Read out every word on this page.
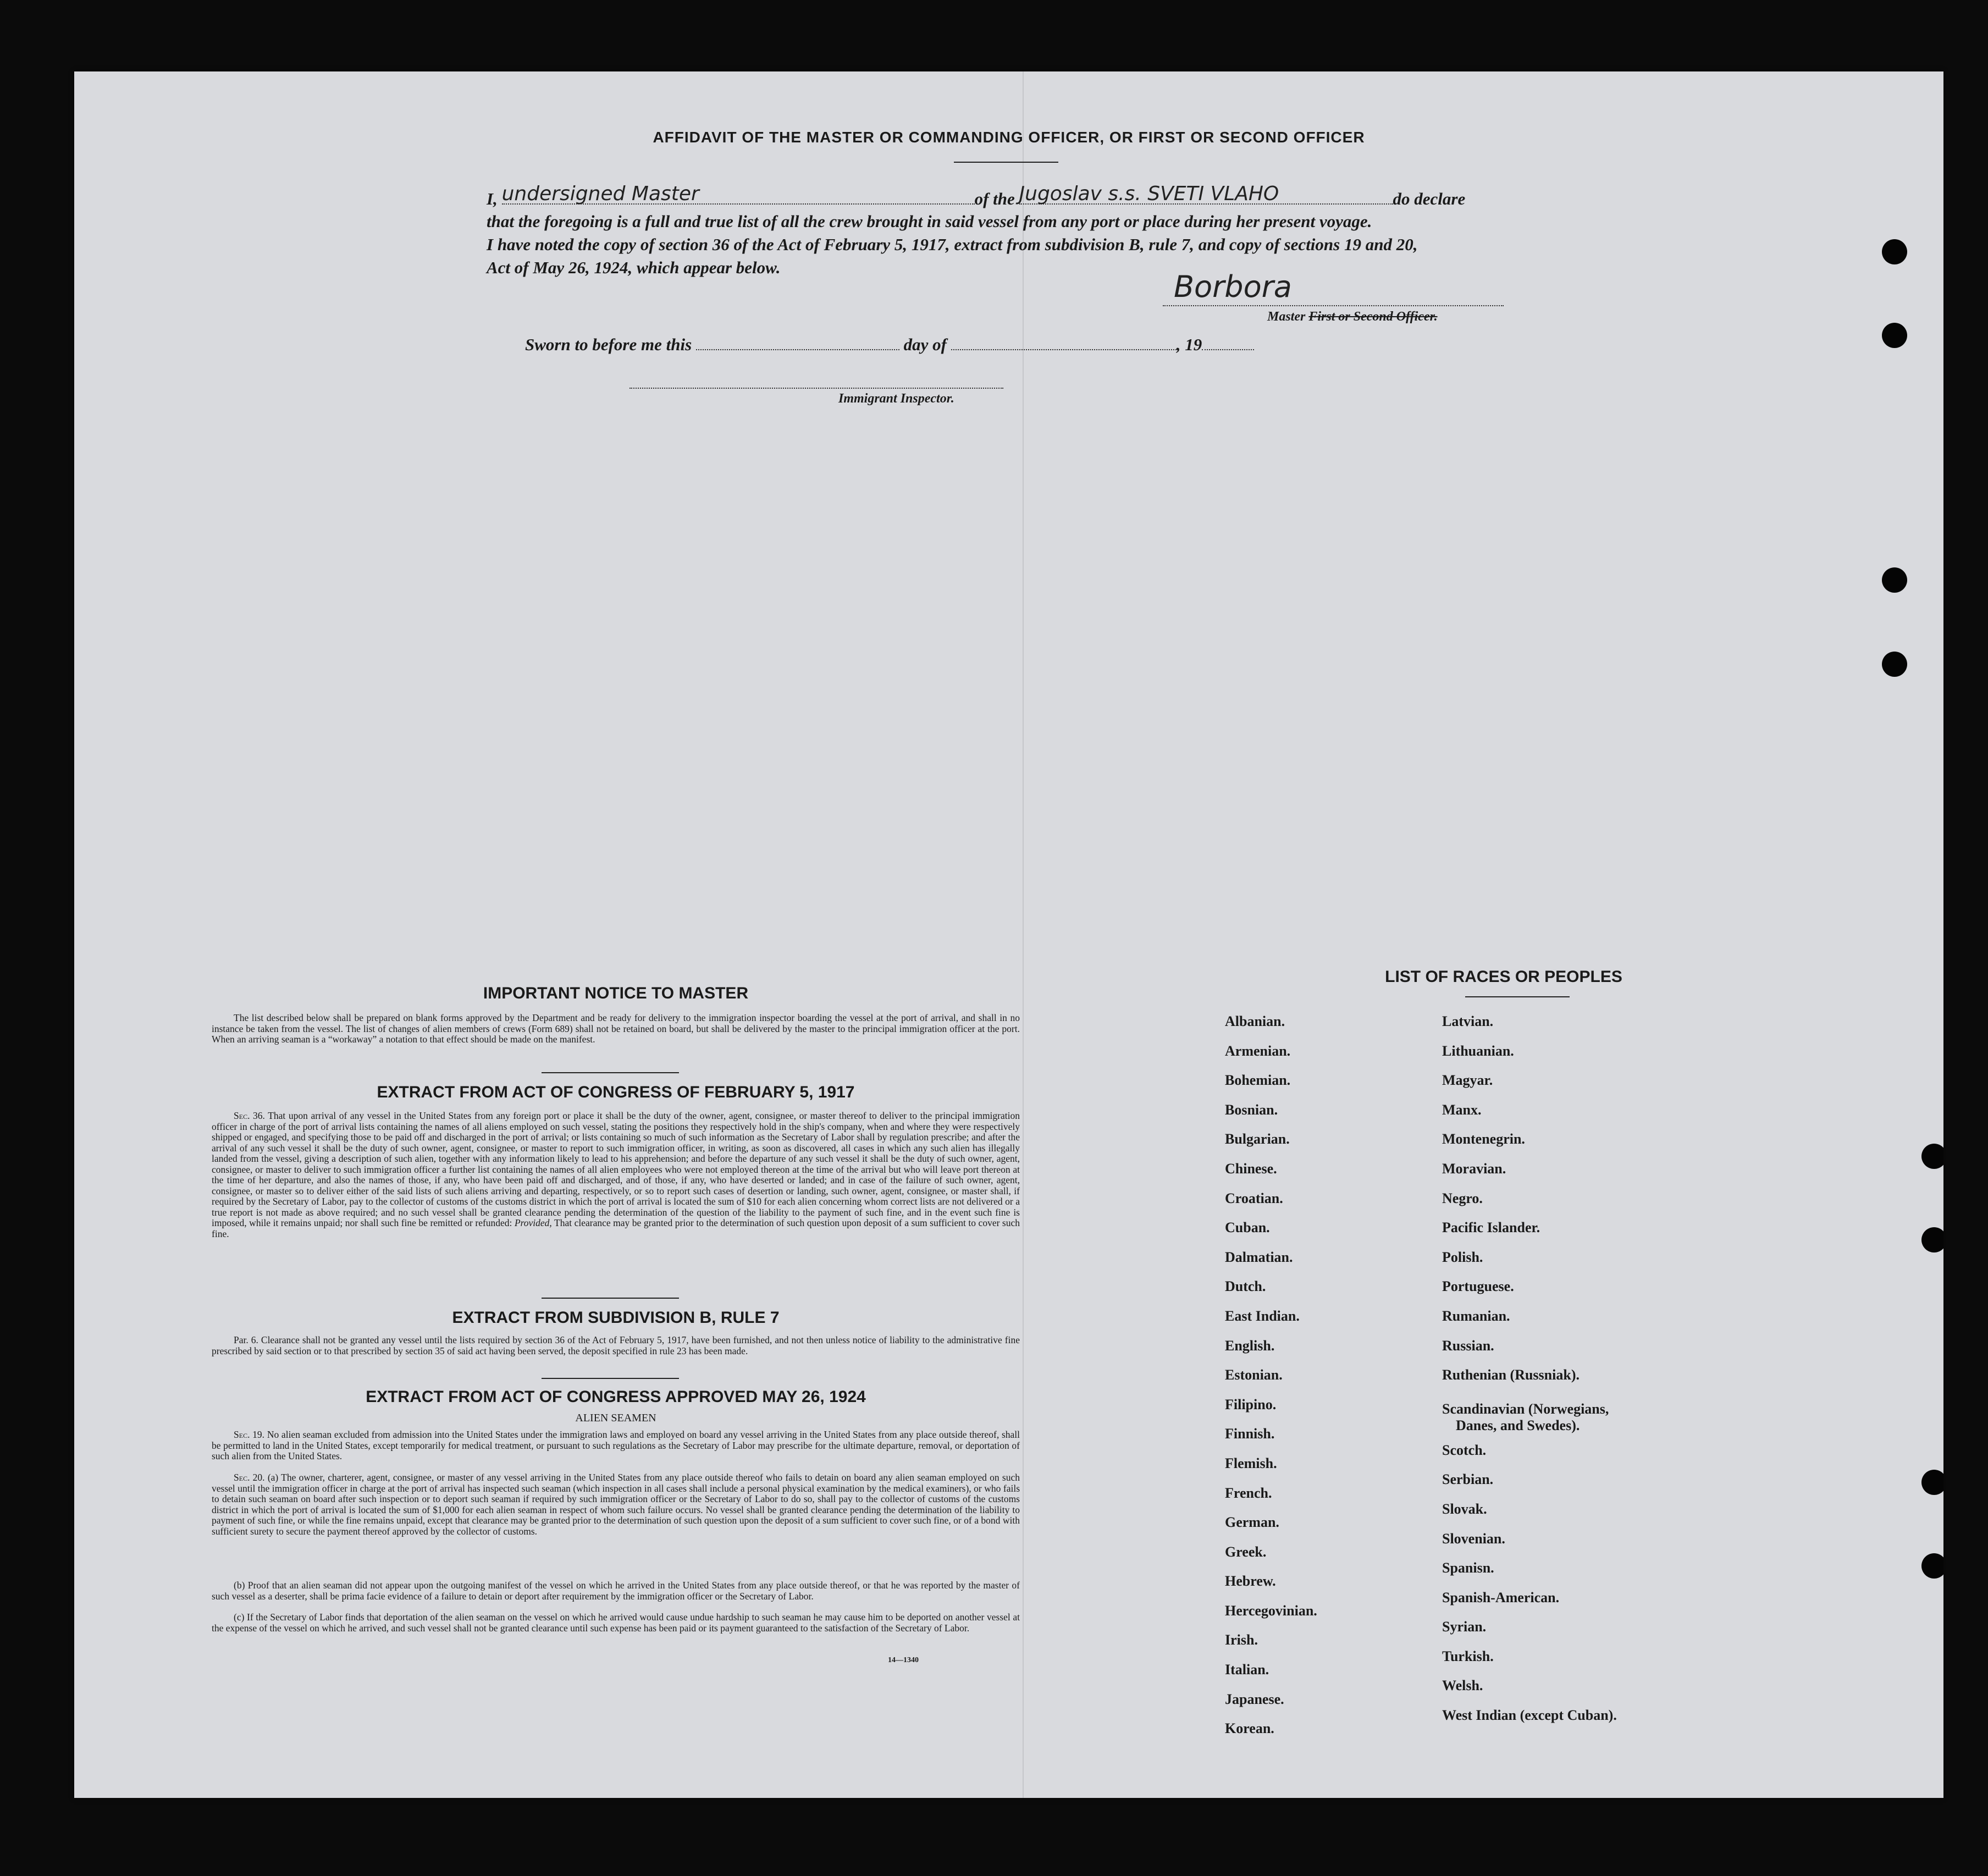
AFFIDAVIT OF THE MASTER OR COMMANDING OFFICER, OR FIRST OR SECOND OFFICER
I, undersigned Master	of the Jugoslav s.s. SVETI VLAHO	do declare
that the foregoing is a full and true list of all the crew brought in said vessel from any port or place during her present voyage.
I have noted the copy of section 36 of the Act of February 5, 1917, extract from subdivision B, rule 7, and copy of sections 19 and 20,
Act of May 26, 1924, which appear below.
Borbora
Master First or Second Officer.
Sworn to before me this	day of	, 19
Immigrant Inspector.
IMPORTANT NOTICE TO MASTER
The list described below shall be prepared on blank forms approved by the Department and be ready for delivery to the immigration inspector boarding the vessel at the port of arrival, and shall in no instance be taken from the vessel. The list of changes of alien members of crews (Form 689) shall not be retained on board, but shall be delivered by the master to the principal immigration officer at the port. When an arriving seaman is a “workaway” a notation to that effect should be made on the manifest.
EXTRACT FROM ACT OF CONGRESS OF FEBRUARY 5, 1917
Sec. 36. That upon arrival of any vessel in the United States from any foreign port or place it shall be the duty of the owner, agent, consignee, or master thereof to deliver to the principal immigration officer in charge of the port of arrival lists containing the names of all aliens employed on such vessel, stating the positions they respectively hold in the ship's company, when and where they were respectively shipped or engaged, and specifying those to be paid off and discharged in the port of arrival; or lists containing so much of such information as the Secretary of Labor shall by regulation prescribe; and after the arrival of any such vessel it shall be the duty of such owner, agent, consignee, or master to report to such immigration officer, in writing, as soon as discovered, all cases in which any such alien has illegally landed from the vessel, giving a description of such alien, together with any information likely to lead to his apprehension; and before the departure of any such vessel it shall be the duty of such owner, agent, consignee, or master to deliver to such immigration officer a further list containing the names of all alien employees who were not employed thereon at the time of the arrival but who will leave port thereon at the time of her departure, and also the names of those, if any, who have been paid off and discharged, and of those, if any, who have deserted or landed; and in case of the failure of such owner, agent, consignee, or master so to deliver either of the said lists of such aliens arriving and departing, respectively, or so to report such cases of desertion or landing, such owner, agent, consignee, or master shall, if required by the Secretary of Labor, pay to the collector of customs of the customs district in which the port of arrival is located the sum of $10 for each alien concerning whom correct lists are not delivered or a true report is not made as above required; and no such vessel shall be granted clearance pending the determination of the question of the liability to the payment of such fine, and in the event such fine is imposed, while it remains unpaid; nor shall such fine be remitted or refunded: Provided, That clearance may be granted prior to the determination of such question upon deposit of a sum sufficient to cover such fine.
EXTRACT FROM SUBDIVISION B, RULE 7
Par. 6. Clearance shall not be granted any vessel until the lists required by section 36 of the Act of February 5, 1917, have been furnished, and not then unless notice of liability to the administrative fine prescribed by said section or to that prescribed by section 35 of said act having been served, the deposit specified in rule 23 has been made.
EXTRACT FROM ACT OF CONGRESS APPROVED MAY 26, 1924
ALIEN SEAMEN
Sec. 19. No alien seaman excluded from admission into the United States under the immigration laws and employed on board any vessel arriving in the United States from any place outside thereof, shall be permitted to land in the United States, except temporarily for medical treatment, or pursuant to such regulations as the Secretary of Labor may prescribe for the ultimate departure, removal, or deportation of such alien from the United States.
Sec. 20. (a) The owner, charterer, agent, consignee, or master of any vessel arriving in the United States from any place outside thereof who fails to detain on board any alien seaman employed on such vessel until the immigration officer in charge at the port of arrival has inspected such seaman (which inspection in all cases shall include a personal physical examination by the medical examiners), or who fails to detain such seaman on board after such inspection or to deport such seaman if required by such immigration officer or the Secretary of Labor to do so, shall pay to the collector of customs of the customs district in which the port of arrival is located the sum of $1,000 for each alien seaman in respect of whom such failure occurs. No vessel shall be granted clearance pending the determination of the liability to payment of such fine, or while the fine remains unpaid, except that clearance may be granted prior to the determination of such question upon the deposit of a sum sufficient to cover such fine, or of a bond with sufficient surety to secure the payment thereof approved by the collector of customs.
(b) Proof that an alien seaman did not appear upon the outgoing manifest of the vessel on which he arrived in the United States from any place outside thereof, or that he was reported by the master of such vessel as a deserter, shall be prima facie evidence of a failure to detain or deport after requirement by the immigration officer or the Secretary of Labor.
(c) If the Secretary of Labor finds that deportation of the alien seaman on the vessel on which he arrived would cause undue hardship to such seaman he may cause him to be deported on another vessel at the expense of the vessel on which he arrived, and such vessel shall not be granted clearance until such expense has been paid or its payment guaranteed to the satisfaction of the Secretary of Labor.
14—1340
LIST OF RACES OR PEOPLES
Albanian.
Armenian.
Bohemian.
Bosnian.
Bulgarian.
Chinese.
Croatian.
Cuban.
Dalmatian.
Dutch.
East Indian.
English.
Estonian.
Filipino.
Finnish.
Flemish.
French.
German.
Greek.
Hebrew.
Hercegovinian.
Irish.
Italian.
Japanese.
Korean.
Latvian.
Lithuanian.
Magyar.
Manx.
Montenegrin.
Moravian.
Negro.
Pacific Islander.
Polish.
Portuguese.
Rumanian.
Russian.
Ruthenian (Russniak).
Scandinavian (Norwegians,
Danes, and Swedes).
Scotch.
Serbian.
Slovak.
Slovenian.
Spanisn.
Spanish-American.
Syrian.
Turkish.
Welsh.
West Indian (except Cuban).
